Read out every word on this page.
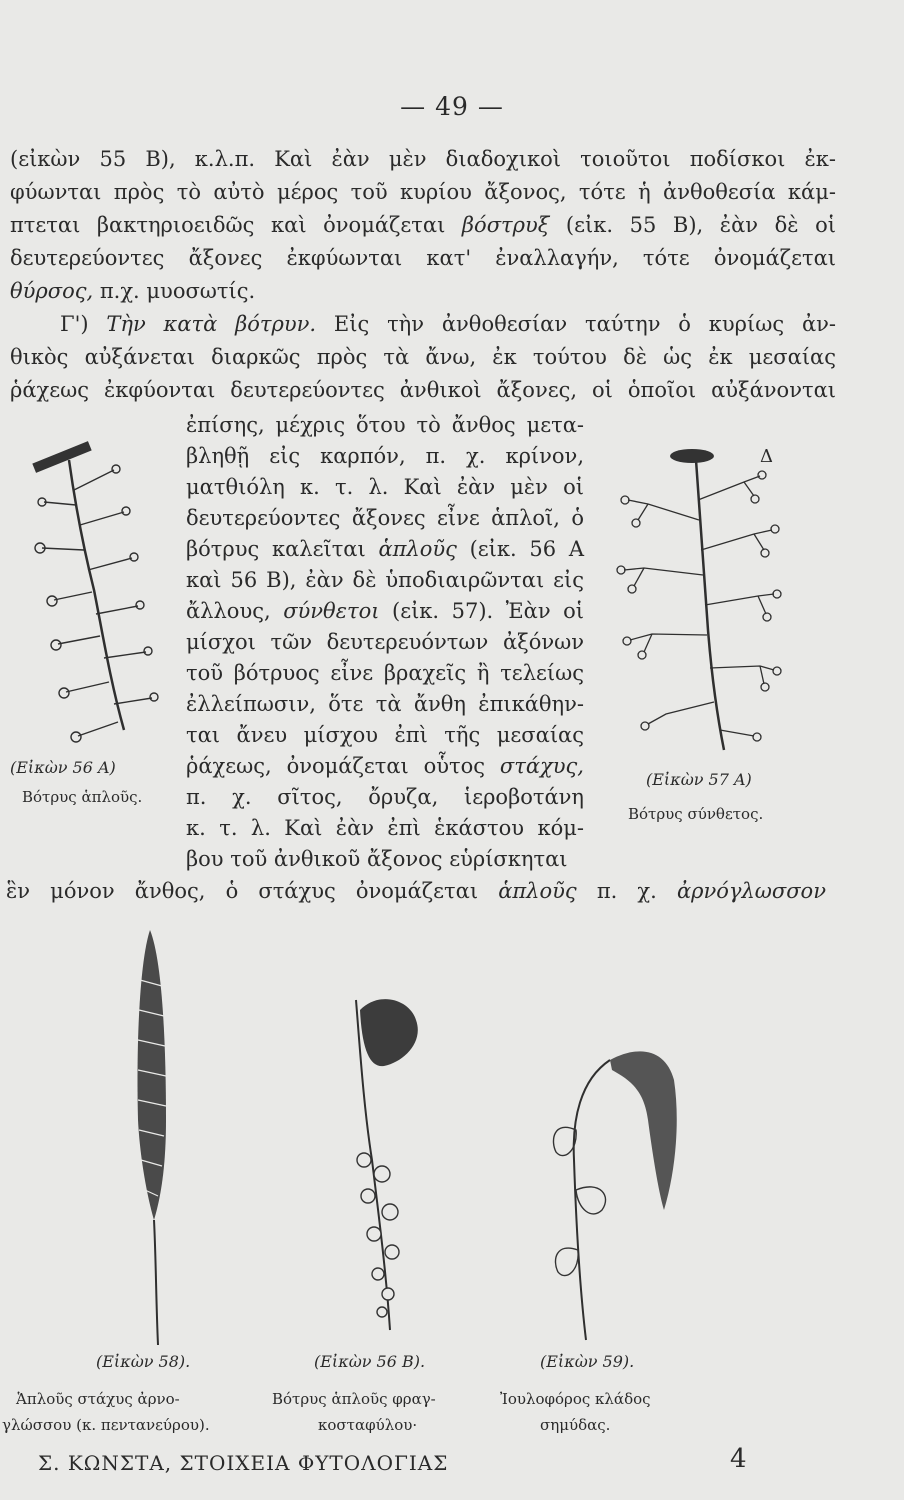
— 49 —
(εἰκὼν 55 Β), κ.λ.π. Καὶ ἐὰν μὲν διαδοχικοὶ τοιοῦτοι ποδίσκοι ἐκ-
φύωνται πρὸς τὸ αὐτὸ μέρος τοῦ κυρίου ἄξονος, τότε ἡ ἀνθοθεσία κάμ-
πτεται βακτηριοειδῶς καὶ ὀνομάζεται βόστρυξ (εἰκ. 55 Β), ἐὰν δὲ οἱ
δευτερεύοντες ἄξονες ἐκφύωνται κατ' ἐναλλαγήν, τότε ὀνομάζεται
θύρσος, π.χ. μυοσωτίς.
Γ') Τὴν κατὰ βότρυν. Εἰς τὴν ἀνθοθεσίαν ταύτην ὁ κυρίως ἀν-
θικὸς αὐξάνεται διαρκῶς πρὸς τὰ ἄνω, ἐκ τούτου δὲ ὡς ἐκ μεσαίας
ῥάχεως ἐκφύονται δευτερεύοντες ἀνθικοὶ ἄξονες, οἱ ὁποῖοι αὐξάνονται
ἐπίσης, μέχρις ὅτου τὸ ἄνθος μετα-
βληθῇ εἰς καρπόν, π. χ. κρίνον,
ματθιόλη κ. τ. λ. Καὶ ἐὰν μὲν οἱ
δευτερεύοντες ἄξονες εἶνε ἁπλοῖ, ὁ
βότρυς καλεῖται ἁπλοῦς (εἰκ. 56 Α
καὶ 56 Β), ἐὰν δὲ ὑποδιαιρῶνται εἰς
ἄλλους, σύνθετοι (εἰκ. 57). Ἐὰν οἱ
μίσχοι τῶν δευτερευόντων ἀξόνων
τοῦ βότρυος εἶνε βραχεῖς ἢ τελείως
ἐλλείπωσιν, ὅτε τὰ ἄνθη ἐπικάθην-
ται ἄνευ μίσχου ἐπὶ τῆς μεσαίας
ῥάχεως, ὀνομάζεται οὗτος στάχυς,
π. χ. σῖτος, ὄρυζα, ἱεροβοτάνη
κ. τ. λ. Καὶ ἐὰν ἐπὶ ἑκάστου κόμ-
βου τοῦ ἀνθικοῦ ἄξονος εὑρίσκηται
ἓν μόνον ἄνθος, ὁ στάχυς ὀνομάζεται ἁπλοῦς π. χ. ἀρνόγλωσσον
(Εἰκὼν 56 Α)
Βότρυς ἁπλοῦς.
Δ
(Εἰκὼν 57 Α)
Βότρυς σύνθετος.
(Εἰκὼν 58).
Ἁπλοῦς στάχυς ἀρνο-
γλώσσου (κ. πεντανεύρου).
(Εἰκὼν 56 Β).
Βότρυς ἁπλοῦς φραγ-
κοσταφύλου·
(Εἰκὼν 59).
Ἰουλοφόρος κλάδος
σημύδας.
Σ. ΚΩΝΣΤΑ, ΣΤΟΙΧΕΙΑ ΦΥΤΟΛΟΓΙΑΣ	4
